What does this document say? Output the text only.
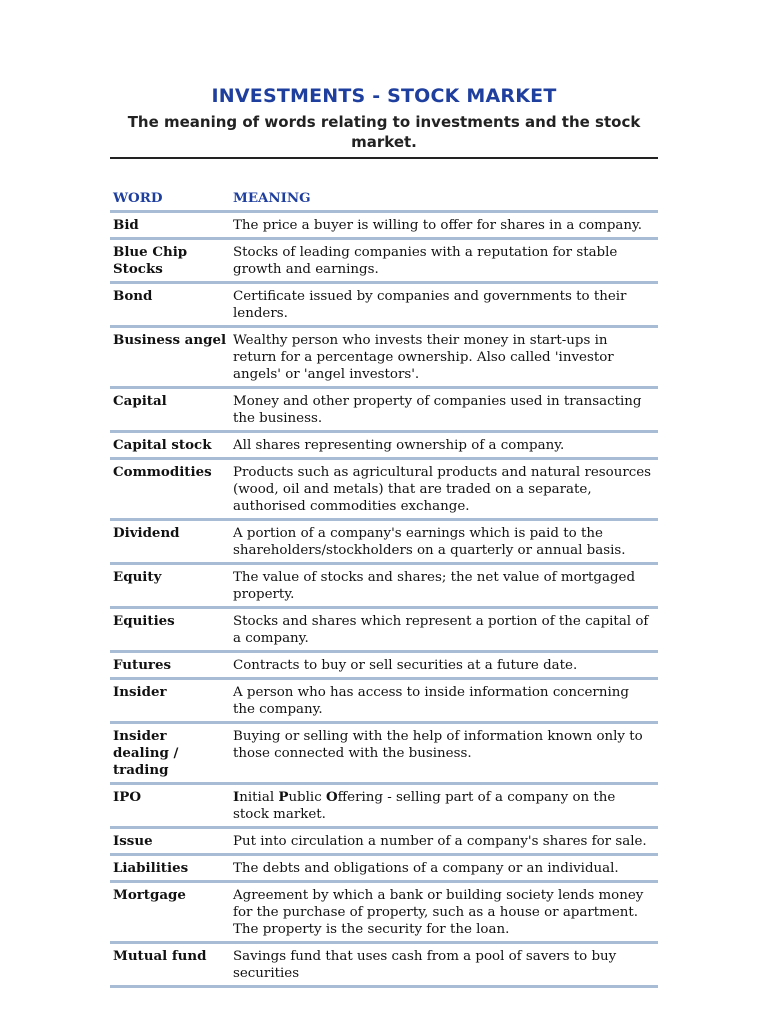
INVESTMENTS - STOCK MARKET

The meaning of words relating to investments and the stock market.

WORD	MEANING
Bid	The price a buyer is willing to offer for shares in a company.
Blue Chip Stocks	Stocks of leading companies with a reputation for stable growth and earnings.
Bond	Certificate issued by companies and governments to their lenders.
Business angel	Wealthy person who invests their money in start-ups in return for a percentage ownership. Also called 'investor angels' or 'angel investors'.
Capital	Money and other property of companies used in transacting the business.
Capital stock	All shares representing ownership of a company.
Commodities	Products such as agricultural products and natural resources (wood, oil and metals) that are traded on a separate, authorised commodities exchange.
Dividend	A portion of a company's earnings which is paid to the shareholders/stockholders on a quarterly or annual basis.
Equity	The value of stocks and shares; the net value of mortgaged property.
Equities	Stocks and shares which represent a portion of the capital of a company.
Futures	Contracts to buy or sell securities at a future date.
Insider	A person who has access to inside information concerning the company.
Insider dealing / trading	Buying or selling with the help of information known only to those connected with the business.
IPO	Initial Public Offering - selling part of a company on the stock market.
Issue	Put into circulation a number of a company's shares for sale.
Liabilities	The debts and obligations of a company or an individual.
Mortgage	Agreement by which a bank or building society lends money for the purchase of property, such as a house or apartment. The property is the security for the loan.
Mutual fund	Savings fund that uses cash from a pool of savers to buy securities
